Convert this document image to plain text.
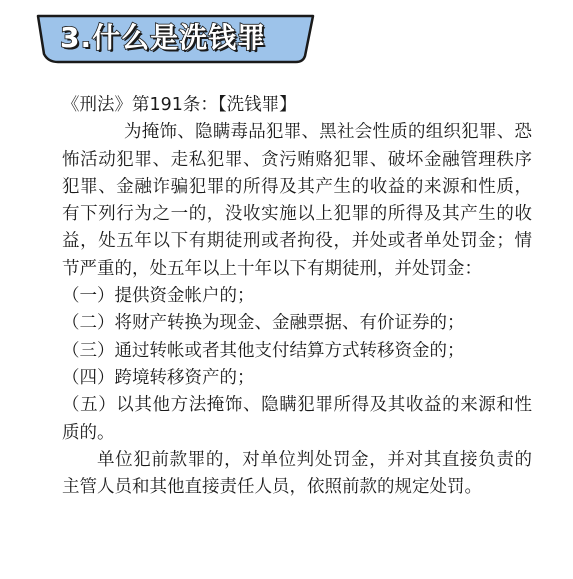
3.什么是洗钱罪

《刑法》第191条：【洗钱罪】

为掩饰、隐瞒毒品犯罪、黑社会性质的组织犯罪、恐怖活动犯罪、走私犯罪、贪污贿赂犯罪、破坏金融管理秩序犯罪、金融诈骗犯罪的所得及其产生的收益的来源和性质，有下列行为之一的，没收实施以上犯罪的所得及其产生的收益，处五年以下有期徒刑或者拘役，并处或者单处罚金；情节严重的，处五年以上十年以下有期徒刑，并处罚金：

（一）提供资金帐户的；

（二）将财产转换为现金、金融票据、有价证券的；

（三）通过转帐或者其他支付结算方式转移资金的；

（四）跨境转移资产的；

（五）以其他方法掩饰、隐瞒犯罪所得及其收益的来源和性质的。

单位犯前款罪的，对单位判处罚金，并对其直接负责的主管人员和其他直接责任人员，依照前款的规定处罚。
